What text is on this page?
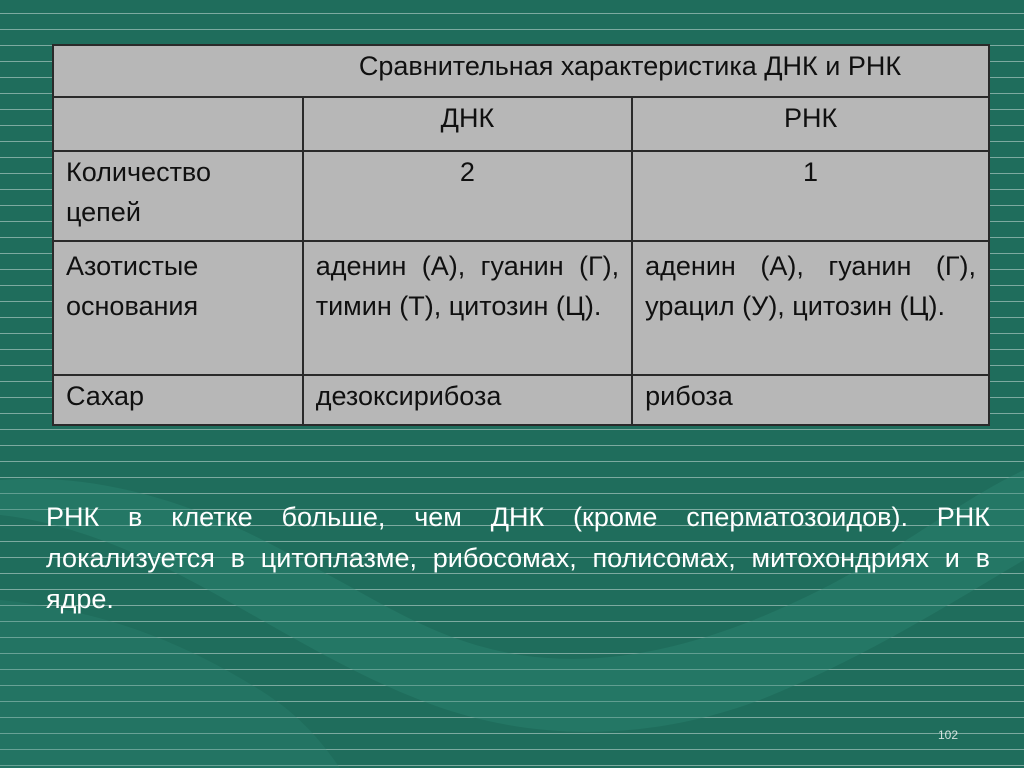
Сравнительная характеристика ДНК и РНК		
	ДНК	РНК
Количество цепей	2	1
Азотистые основания	аденин (А), гуанин (Г), тимин (Т), цитозин (Ц).	аденин (А), гуанин (Г), урацил (У), цитозин (Ц).
Сахар	дезоксирибоза	рибоза

РНК в клетке больше, чем ДНК (кроме сперматозоидов). РНК локализуется в цитоплазме, рибосомах, полисомах, митохондриях и в ядре.

102
